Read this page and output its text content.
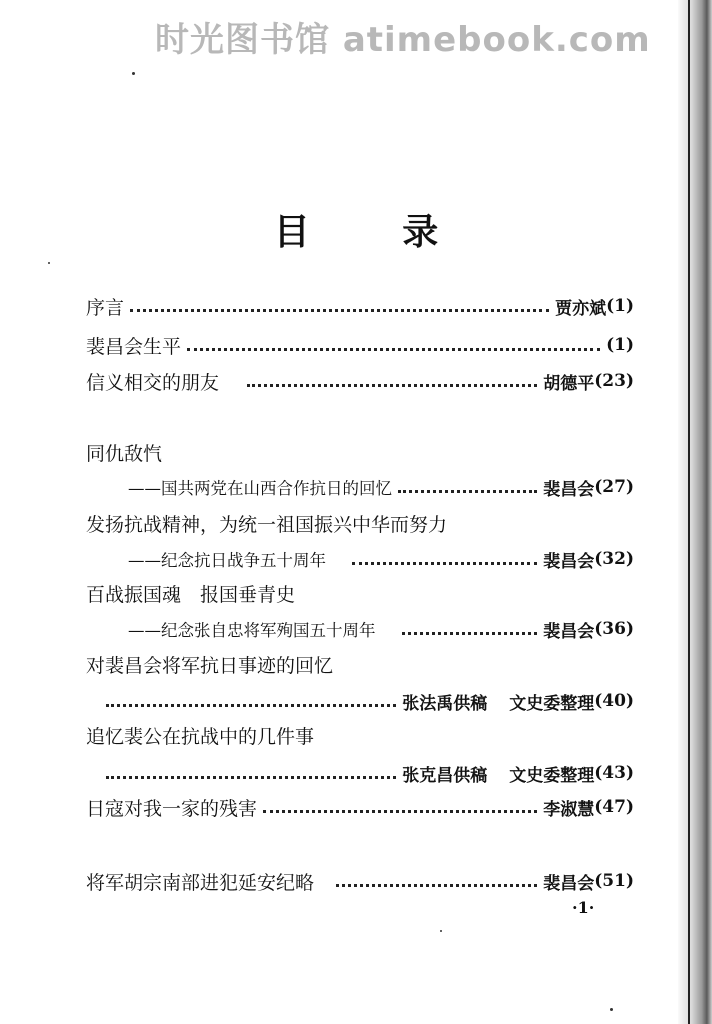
时光图书馆 atimebook.com
目 录
序言	贾亦斌 (1)
裴昌会生平	(1)
信义相交的朋友	胡德平 (23)
同仇敌忾
——国共两党在山西合作抗日的回忆	裴昌会 (27)
发扬抗战精神，为统一祖国振兴中华而努力
——纪念抗日战争五十周年	裴昌会 (32)
百战振国魂　报国垂青史
——纪念张自忠将军殉国五十周年	裴昌会 (36)
对裴昌会将军抗日事迹的回忆
张法禹供稿 文史委整理 (40)
追忆裴公在抗战中的几件事
张克昌供稿 文史委整理 (43)
日寇对我一家的残害	李淑慧 (47)
将军胡宗南部进犯延安纪略	裴昌会 (51)
·1·
